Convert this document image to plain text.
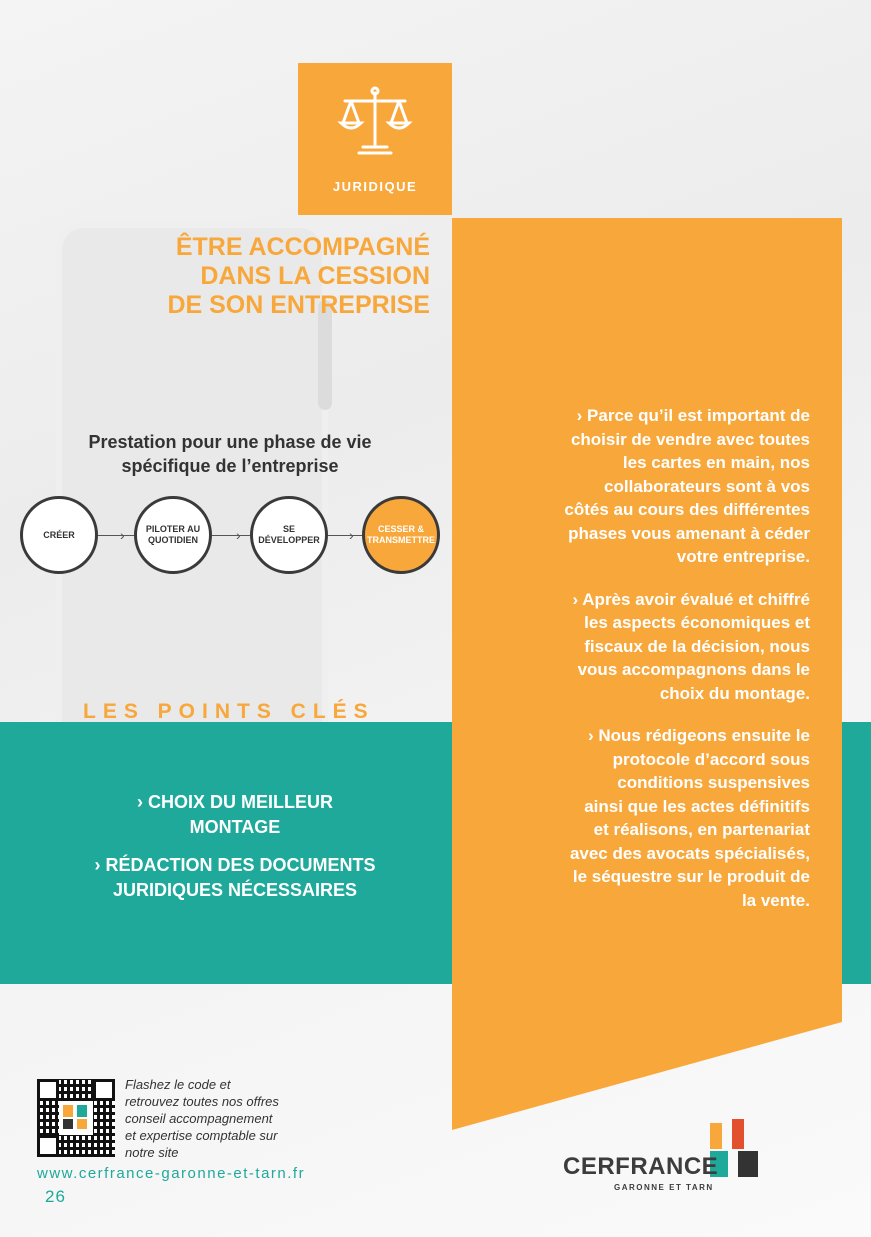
JURIDIQUE
ÊTRE ACCOMPAGNÉ
DANS LA CESSION
DE SON ENTREPRISE
Prestation pour une phase de vie
spécifique de l’entreprise
›	›	›
CRÉER
PILOTER AU
QUOTIDIEN
SE
DÉVELOPPER
CESSER &
TRANSMETTRE
LES POINTS CLÉS

› CHOIX DU MEILLEUR
MONTAGE

› RÉDACTION DES DOCUMENTS
JURIDIQUES NÉCESSAIRES

› Parce qu’il est important de
choisir de vendre avec toutes
les cartes en main, nos
collaborateurs sont à vos
côtés au cours des différentes
phases vous amenant à céder
votre entreprise.

› Après avoir évalué et chiffré
les aspects économiques et
fiscaux de la décision, nous
vous accompagnons dans le
choix du montage.

› Nous rédigeons ensuite le
protocole d’accord sous
conditions suspensives
ainsi que les actes définitifs
et réalisons, en partenariat
avec des avocats spécialisés,
le séquestre sur le produit de
la vente.

Flashez le code et
retrouvez toutes nos offres
conseil accompagnement
et expertise comptable sur
notre site
www.cerfrance-garonne-et-tarn.fr
26
CERFRANCE
GARONNE ET TARN
